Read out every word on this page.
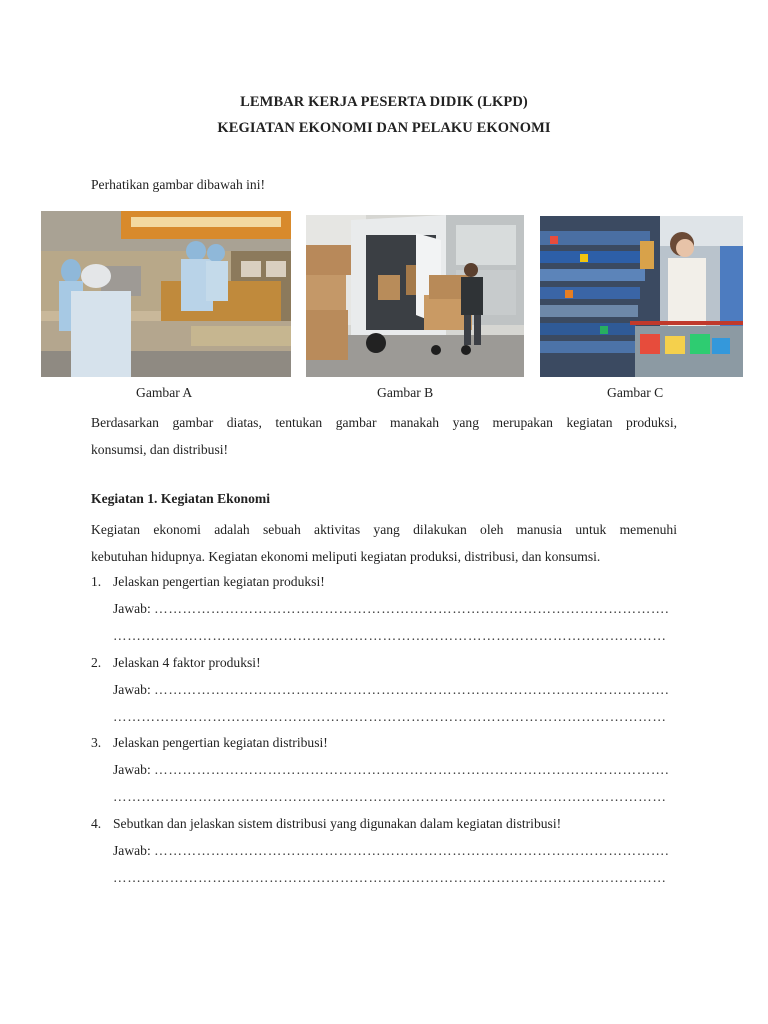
LEMBAR KERJA PESERTA DIDIK (LKPD)
KEGIATAN EKONOMI DAN PELAKU EKONOMI
Perhatikan gambar dibawah ini!
Gambar A	Gambar B	Gambar C
Berdasarkan gambar diatas, tentukan gambar manakah yang merupakan kegiatan produksi,
konsumsi, dan distribusi!
Kegiatan 1. Kegiatan Ekonomi
Kegiatan ekonomi adalah sebuah aktivitas yang dilakukan oleh manusia untuk memenuhi
kebutuhan hidupnya. Kegiatan ekonomi meliputi kegiatan produksi, distribusi, dan konsumsi.
1. Jelaskan pengertian kegiatan produksi!
Jawab: ……………………………………………………………………………………………….
………………………………………………………………………………………………………
2. Jelaskan 4 faktor produksi!
Jawab: ……………………………………………………………………………………………….
………………………………………………………………………………………………………
3. Jelaskan pengertian kegiatan distribusi!
Jawab: ……………………………………………………………………………………………….
………………………………………………………………………………………………………
4. Sebutkan dan jelaskan sistem distribusi yang digunakan dalam kegiatan distribusi!
Jawab: ……………………………………………………………………………………………….
………………………………………………………………………………………………………
